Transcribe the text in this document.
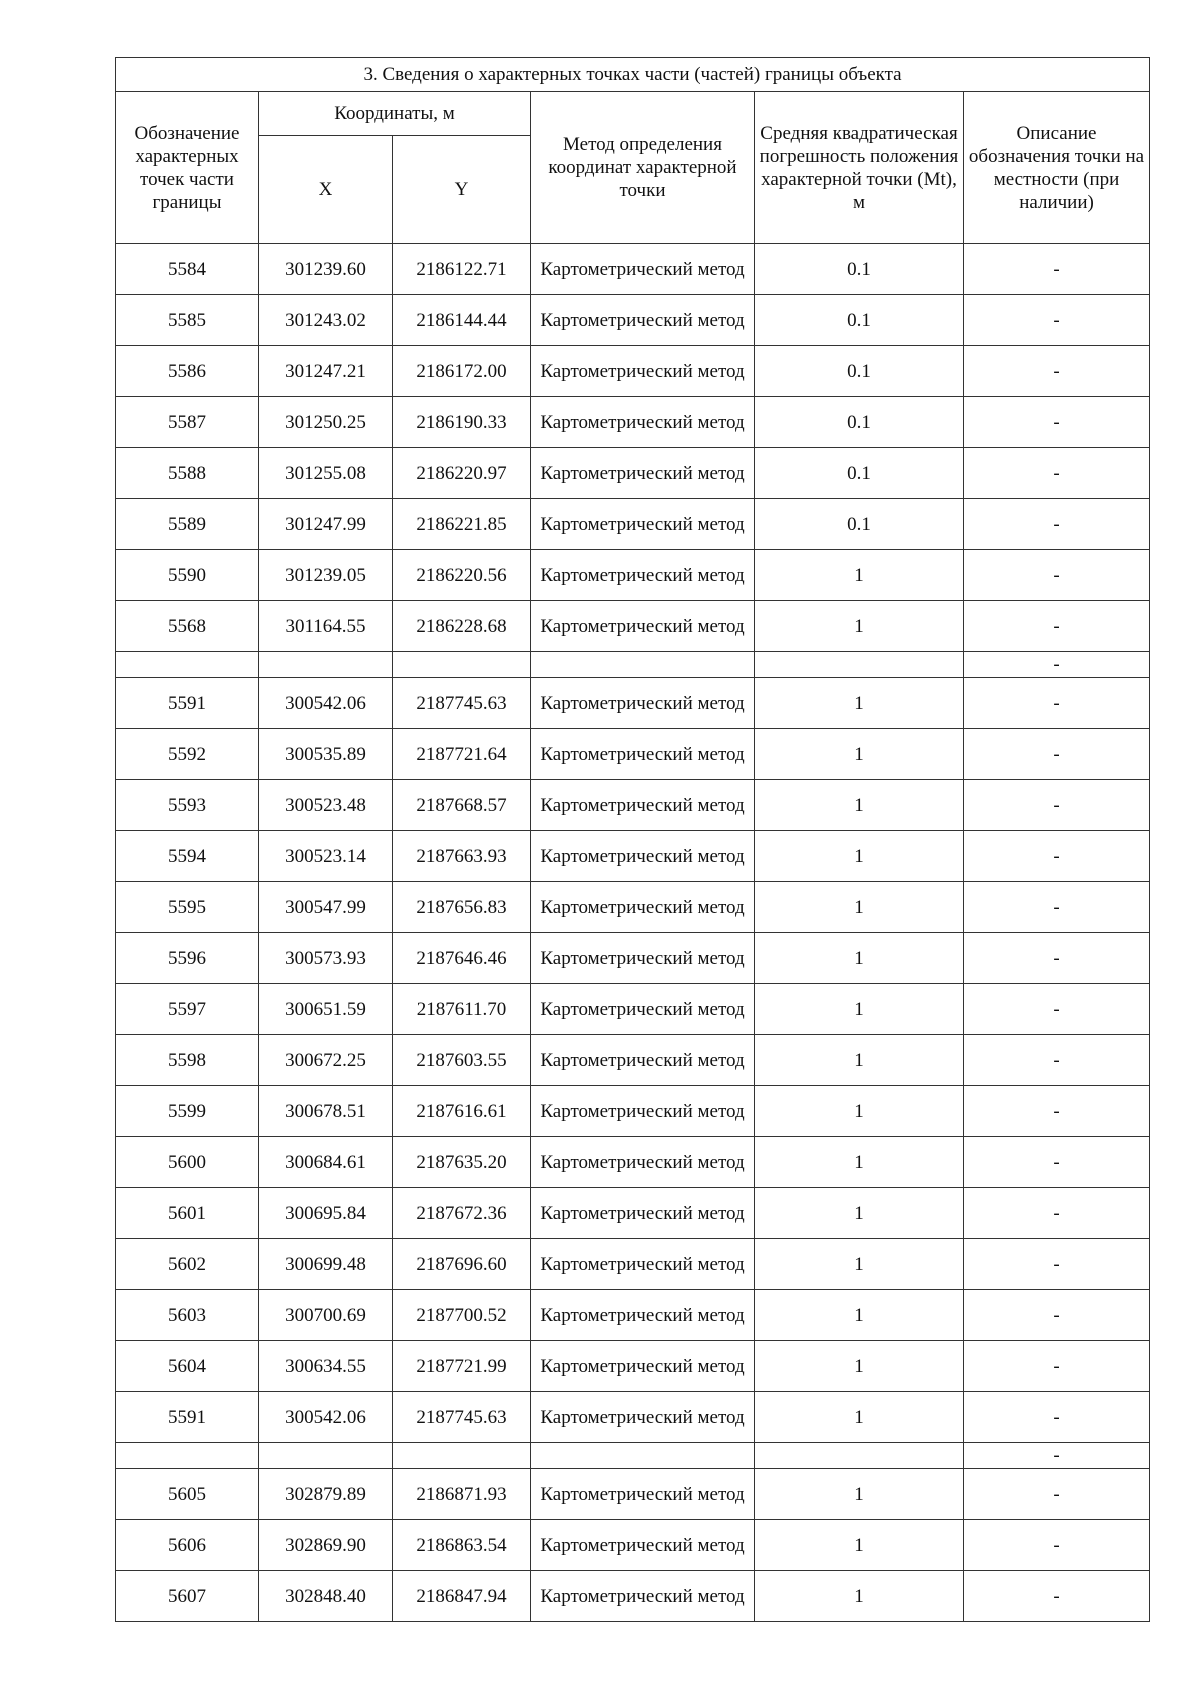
3. Сведения о характерных точках части (частей) границы объекта					
Обозначение характерных точек части границы	Координаты, м		Метод определения координат характерной точки	Средняя квадратическая погрешность положения характерной точки (Mt), м	Описание обозначения точки на местности (при наличии)
	X	Y			
5584	301239.60	2186122.71	Картометрический метод	0.1	-
5585	301243.02	2186144.44	Картометрический метод	0.1	-
5586	301247.21	2186172.00	Картометрический метод	0.1	-
5587	301250.25	2186190.33	Картометрический метод	0.1	-
5588	301255.08	2186220.97	Картометрический метод	0.1	-
5589	301247.99	2186221.85	Картометрический метод	0.1	-
5590	301239.05	2186220.56	Картометрический метод	1	-
5568	301164.55	2186228.68	Картометрический метод	1	-
					-
5591	300542.06	2187745.63	Картометрический метод	1	-
5592	300535.89	2187721.64	Картометрический метод	1	-
5593	300523.48	2187668.57	Картометрический метод	1	-
5594	300523.14	2187663.93	Картометрический метод	1	-
5595	300547.99	2187656.83	Картометрический метод	1	-
5596	300573.93	2187646.46	Картометрический метод	1	-
5597	300651.59	2187611.70	Картометрический метод	1	-
5598	300672.25	2187603.55	Картометрический метод	1	-
5599	300678.51	2187616.61	Картометрический метод	1	-
5600	300684.61	2187635.20	Картометрический метод	1	-
5601	300695.84	2187672.36	Картометрический метод	1	-
5602	300699.48	2187696.60	Картометрический метод	1	-
5603	300700.69	2187700.52	Картометрический метод	1	-
5604	300634.55	2187721.99	Картометрический метод	1	-
5591	300542.06	2187745.63	Картометрический метод	1	-
					-
5605	302879.89	2186871.93	Картометрический метод	1	-
5606	302869.90	2186863.54	Картометрический метод	1	-
5607	302848.40	2186847.94	Картометрический метод	1	-
